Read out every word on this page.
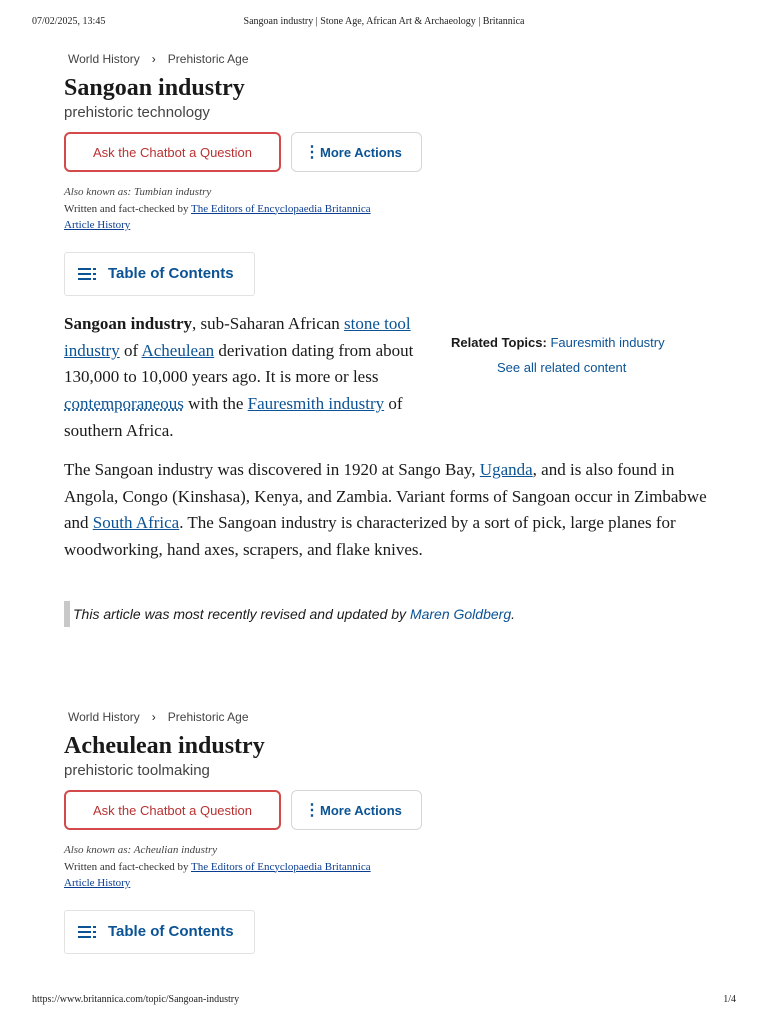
07/02/2025, 13:45	Sangoan industry | Stone Age, African Art & Archaeology | Britannica
World History › Prehistoric Age
Sangoan industry
prehistoric technology
Ask the Chatbot a Question	⋮ More Actions
Also known as: Tumbian industry
Written and fact-checked by The Editors of Encyclopaedia Britannica
Article History
Table of Contents
Sangoan industry, sub-Saharan African stone tool industry of Acheulean derivation dating from about 130,000 to 10,000 years ago. It is more or less contemporaneous with the Fauresmith industry of southern Africa.
Related Topics: Fauresmith industry
See all related content
The Sangoan industry was discovered in 1920 at Sango Bay, Uganda, and is also found in Angola, Congo (Kinshasa), Kenya, and Zambia. Variant forms of Sangoan occur in Zimbabwe and South Africa. The Sangoan industry is characterized by a sort of pick, large planes for woodworking, hand axes, scrapers, and flake knives.
This article was most recently revised and updated by
Maren Goldberg .
World History › Prehistoric Age
Acheulean industry
prehistoric toolmaking
Ask the Chatbot a Question	⋮ More Actions
Also known as: Acheulian industry
Written and fact-checked by The Editors of Encyclopaedia Britannica
Article History
Table of Contents
https://www.britannica.com/topic/Sangoan-industry	1/4
